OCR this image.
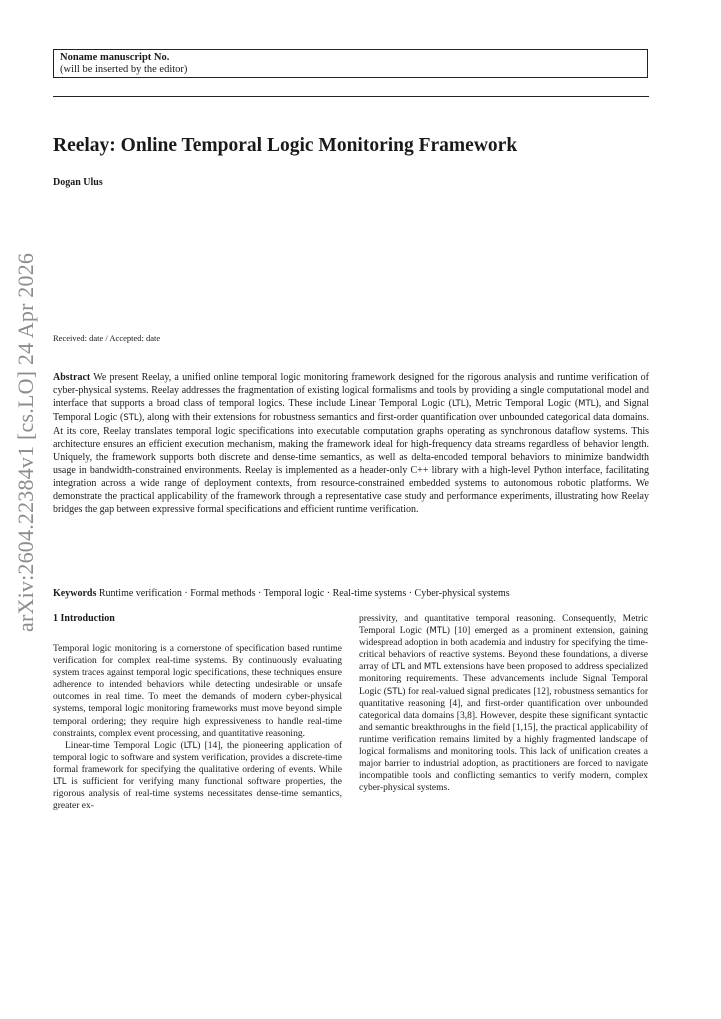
Noname manuscript No.
(will be inserted by the editor)
Reelay: Online Temporal Logic Monitoring Framework
Dogan Ulus
arXiv:2604.22384v1 [cs.LO] 24 Apr 2026 Received: date / Accepted: date
Abstract We present Reelay, a unified online temporal logic monitoring framework designed for the rigorous analysis and runtime verification of cyber-physical systems. Reelay addresses the fragmentation of existing logical formalisms and tools by providing a single computational model and interface that supports a broad class of temporal logics. These include Linear Temporal Logic (LTL), Metric Temporal Logic (MTL), and Signal Temporal Logic (STL), along with their extensions for robustness semantics and first-order quantification over unbounded categorical data domains. At its core, Reelay translates temporal logic specifications into executable computation graphs operating as synchronous dataflow systems. This architecture ensures an efficient execution mechanism, making the framework ideal for high-frequency data streams regardless of behavior length. Uniquely, the framework supports both discrete and dense-time semantics, as well as delta-encoded temporal behaviors to minimize bandwidth usage in bandwidth-constrained environments. Reelay is implemented as a header-only C++ library with a high-level Python interface, facilitating integration across a wide range of deployment contexts, from resource-constrained embedded systems to autonomous robotic platforms. We demonstrate the practical applicability of the framework through a representative case study and performance experiments, illustrating how Reelay bridges the gap between expressive formal specifications and efficient runtime verification.
Keywords Runtime verification · Formal methods · Temporal logic · Real-time systems · Cyber-physical systems
1 Introduction

Temporal logic monitoring is a cornerstone of specification based runtime verification for complex real-time systems. By continuously evaluating system traces against temporal logic specifications, these techniques ensure adherence to intended behaviors while detecting undesirable or unsafe outcomes in real time. To meet the demands of modern cyber-physical systems, temporal logic monitoring frameworks must move beyond simple temporal ordering; they require high expressiveness to handle real-time constraints, complex event processing, and quantitative reasoning.

Linear-time Temporal Logic (LTL) [14], the pioneering application of temporal logic to software and system verification, provides a discrete-time formal framework for specifying the qualitative ordering of events. While LTL is sufficient for verifying many functional software properties, the rigorous analysis of real-time systems necessitates dense-time semantics, greater ex-

pressivity, and quantitative temporal reasoning. Consequently, Metric Temporal Logic (MTL) [10] emerged as a prominent extension, gaining widespread adoption in both academia and industry for specifying the time-critical behaviors of reactive systems. Beyond these foundations, a diverse array of LTL and MTL extensions have been proposed to address specialized monitoring requirements. These advancements include Signal Temporal Logic (STL) for real-valued signal predicates [12], robustness semantics for quantitative reasoning [4], and first-order quantification over unbounded categorical data domains [3,8]. However, despite these significant syntactic and semantic breakthroughs in the field [1,15], the practical applicability of runtime verification remains limited by a highly fragmented landscape of logical formalisms and monitoring tools. This lack of unification creates a major barrier to industrial adoption, as practitioners are forced to navigate incompatible tools and conflicting semantics to verify modern, complex cyber-physical systems.
